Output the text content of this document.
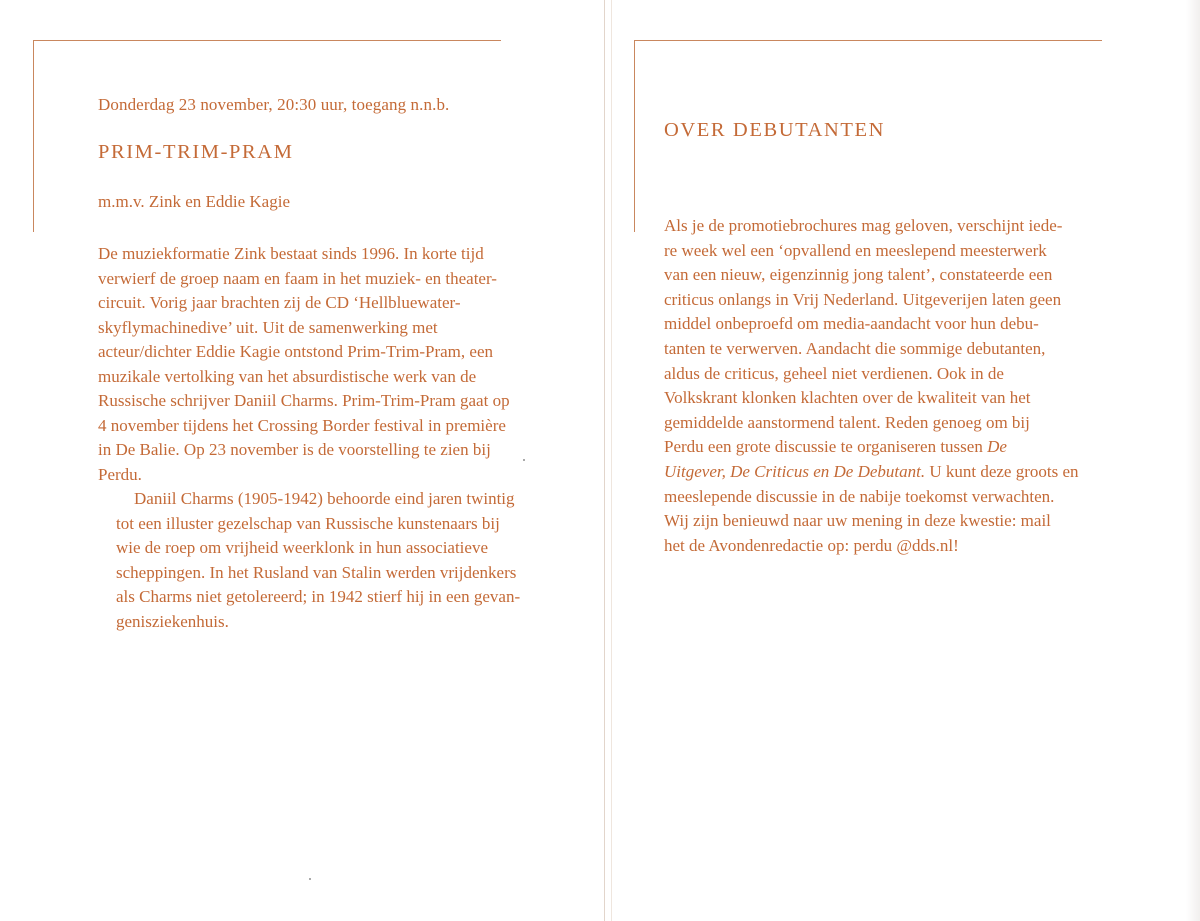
Donderdag 23 november, 20:30 uur, toegang n.n.b.
PRIM-TRIM-PRAM
m.m.v. Zink en Eddie Kagie

De muziekformatie Zink bestaat sinds 1996. In korte tijd
verwierf de groep naam en faam in het muziek- en theater-
circuit. Vorig jaar brachten zij de CD ‘Hellbluewater-
skyflymachinedive’ uit. Uit de samenwerking met
acteur/dichter Eddie Kagie ontstond Prim-Trim-Pram, een
muzikale vertolking van het absurdistische werk van de
Russische schrijver Daniil Charms. Prim-Trim-Pram gaat op
4 november tijdens het Crossing Border festival in première
in De Balie. Op 23 november is de voorstelling te zien bij
Perdu.

Daniil Charms (1905-1942) behoorde eind jaren twintig
tot een illuster gezelschap van Russische kunstenaars bij
wie de roep om vrijheid weerklonk in hun associatieve
scheppingen. In het Rusland van Stalin werden vrijdenkers
als Charms niet getolereerd; in 1942 stierf hij in een gevan-
genisziekenhuis.

OVER DEBUTANTEN
Als je de promotiebrochures mag geloven, verschijnt iede-
re week wel een ‘opvallend en meeslepend meesterwerk
van een nieuw, eigenzinnig jong talent’, constateerde een
criticus onlangs in Vrij Nederland. Uitgeverijen laten geen
middel onbeproefd om media-aandacht voor hun debu-
tanten te verwerven. Aandacht die sommige debutanten,
aldus de criticus, geheel niet verdienen. Ook in de
Volkskrant klonken klachten over de kwaliteit van het
gemiddelde aanstormend talent. Reden genoeg om bij
Perdu een grote discussie te organiseren tussen De
Uitgever, De Criticus en De Debutant. U kunt deze groots en
meeslepende discussie in de nabije toekomst verwachten.
Wij zijn benieuwd naar uw mening in deze kwestie: mail
het de Avondenredactie op: perdu @dds.nl!
